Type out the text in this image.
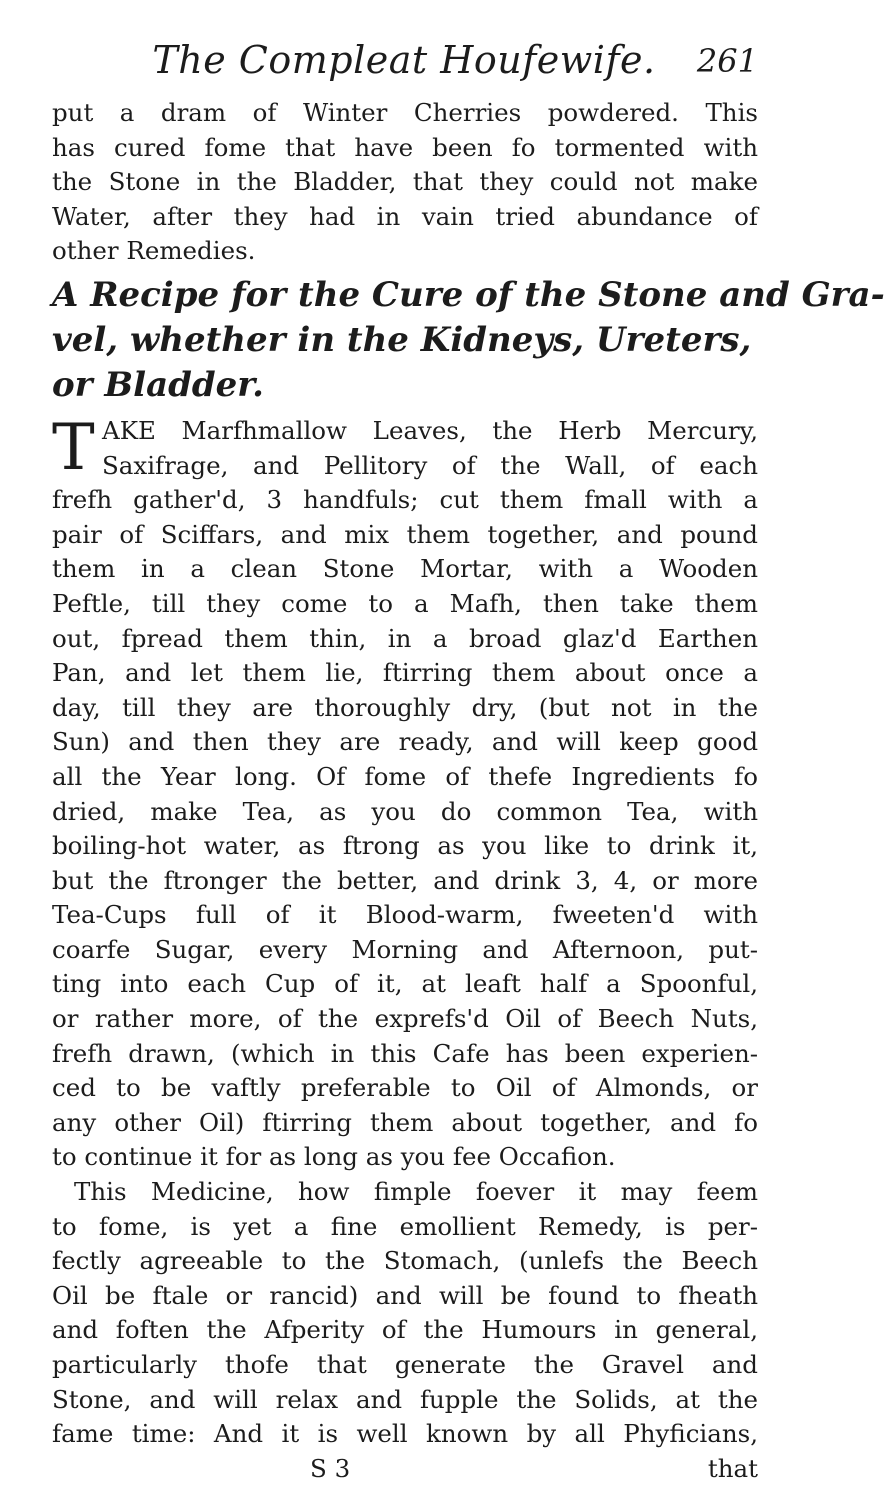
The Compleat Houfewife.	261
put a dram of Winter Cherries powdered. This
has cured fome that have been fo tormented with
the Stone in the Bladder, that they could not make
Water, after they had in vain tried abundance of
other Remedies.
A Recipe for the Cure of the Stone and Gra-
vel, whether in the Kidneys, Ureters,
or Bladder.
T AKE Marfhmallow Leaves, the Herb Mercury,
Saxifrage, and Pellitory of the Wall, of each
frefh gather'd, 3 handfuls; cut them fmall with a
pair of Sciffars, and mix them together, and pound
them in a clean Stone Mortar, with a Wooden
Peftle, till they come to a Mafh, then take them
out, fpread them thin, in a broad glaz'd Earthen
Pan, and let them lie, ftirring them about once a
day, till they are thoroughly dry, (but not in the
Sun) and then they are ready, and will keep good
all the Year long. Of fome of thefe Ingredients fo
dried, make Tea, as you do common Tea, with
boiling-hot water, as ftrong as you like to drink it,
but the ftronger the better, and drink 3, 4, or more
Tea-Cups full of it Blood-warm, fweeten'd with
coarfe Sugar, every Morning and Afternoon, put-
ting into each Cup of it, at leaft half a Spoonful,
or rather more, of the exprefs'd Oil of Beech Nuts,
frefh drawn, (which in this Cafe has been experien-
ced to be vaftly preferable to Oil of Almonds, or
any other Oil) ftirring them about together, and fo
to continue it for as long as you fee Occafion.
This Medicine, how fimple foever it may feem
to fome, is yet a fine emollient Remedy, is per-
fectly agreeable to the Stomach, (unlefs the Beech
Oil be ftale or rancid) and will be found to fheath
and foften the Afperity of the Humours in general,
particularly thofe that generate the Gravel and
Stone, and will relax and fupple the Solids, at the
fame time: And it is well known by all Phyficians,
S 3	that
